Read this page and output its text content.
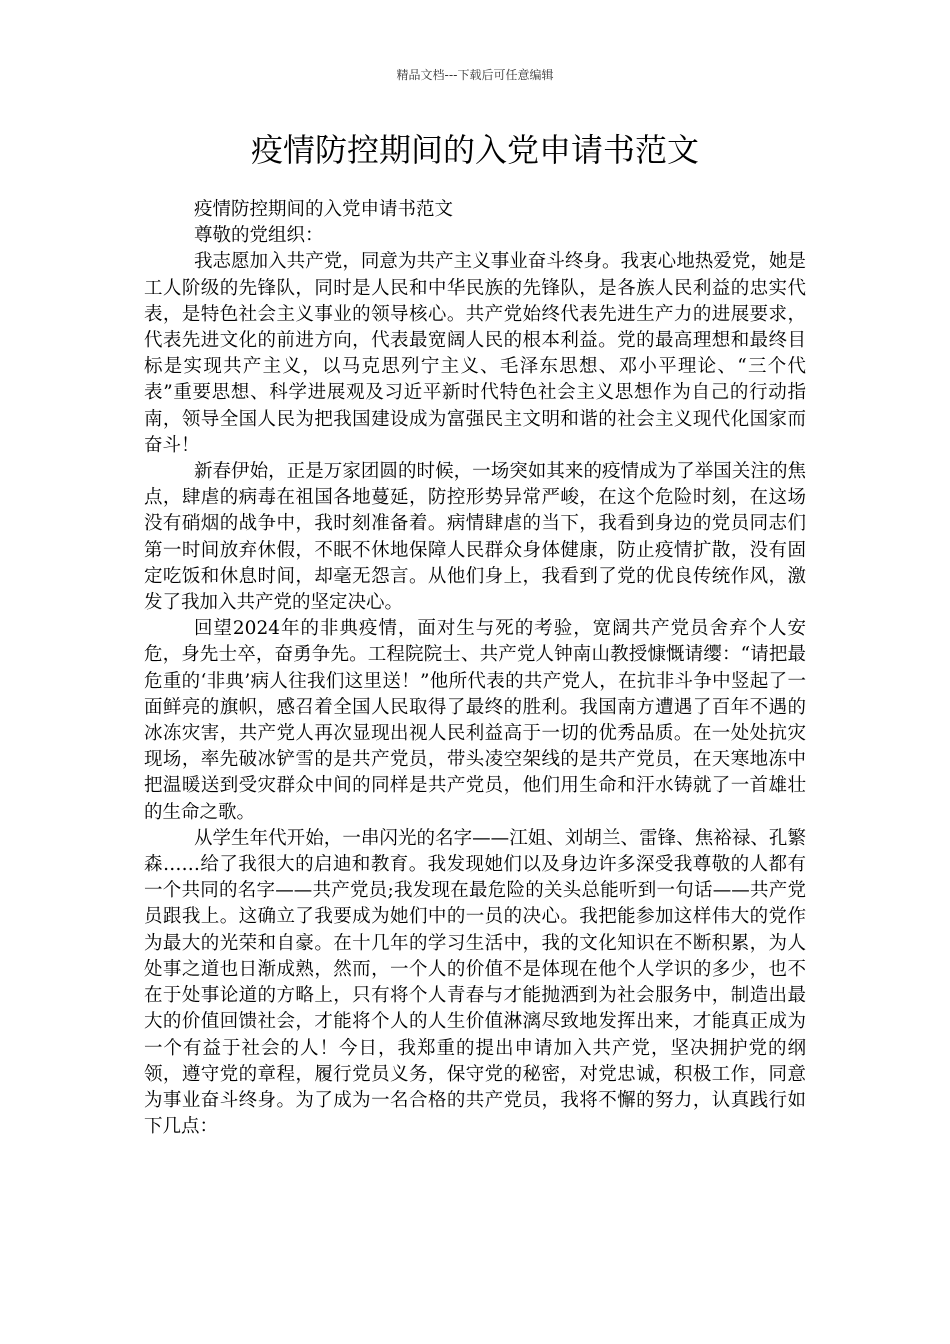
精品文档---下载后可任意编辑
疫情防控期间的入党申请书范文

疫情防控期间的入党申请书范文

尊敬的党组织：

我志愿加入共产党，同意为共产主义事业奋斗终身。我衷心地热爱党，她是工人阶级的先锋队，同时是人民和中华民族的先锋队，是各族人民利益的忠实代表，是特色社会主义事业的领导核心。共产党始终代表先进生产力的进展要求，代表先进文化的前进方向，代表最宽阔人民的根本利益。党的最高理想和最终目标是实现共产主义，以马克思列宁主义、毛泽东思想、邓小平理论、“三个代表”重要思想、科学进展观及习近平新时代特色社会主义思想作为自己的行动指南，领导全国人民为把我国建设成为富强民主文明和谐的社会主义现代化国家而奋斗！

新春伊始，正是万家团圆的时候，一场突如其来的疫情成为了举国关注的焦点，肆虐的病毒在祖国各地蔓延，防控形势异常严峻，在这个危险时刻，在这场没有硝烟的战争中，我时刻准备着。病情肆虐的当下，我看到身边的党员同志们第一时间放弃休假，不眠不休地保障人民群众身体健康，防止疫情扩散，没有固定吃饭和休息时间，却毫无怨言。从他们身上，我看到了党的优良传统作风，激发了我加入共产党的坚定决心。

回望2024年的非典疫情，面对生与死的考验，宽阔共产党员舍弃个人安危，身先士卒，奋勇争先。工程院院士、共产党人钟南山教授慷慨请缨：“请把最危重的‘非典’病人往我们这里送！”他所代表的共产党人，在抗非斗争中竖起了一面鲜亮的旗帜，感召着全国人民取得了最终的胜利。我国南方遭遇了百年不遇的冰冻灾害，共产党人再次显现出视人民利益高于一切的优秀品质。在一处处抗灾现场，率先破冰铲雪的是共产党员，带头凌空架线的是共产党员，在天寒地冻中把温暖送到受灾群众中间的同样是共产党员，他们用生命和汗水铸就了一首雄壮的生命之歌。

从学生年代开始，一串闪光的名字——江姐、刘胡兰、雷锋、焦裕禄、孔繁森……给了我很大的启迪和教育。我发现她们以及身边许多深受我尊敬的人都有一个共同的名字——共产党员;我发现在最危险的关头总能听到一句话——共产党员跟我上。这确立了我要成为她们中的一员的决心。我把能参加这样伟大的党作为最大的光荣和自豪。在十几年的学习生活中，我的文化知识在不断积累，为人处事之道也日渐成熟，然而，一个人的价值不是体现在他个人学识的多少，也不在于处事论道的方略上，只有将个人青春与才能抛洒到为社会服务中，制造出最大的价值回馈社会，才能将个人的人生价值淋漓尽致地发挥出来，才能真正成为一个有益于社会的人！今日，我郑重的提出申请加入共产党，坚决拥护党的纲领，遵守党的章程，履行党员义务，保守党的秘密，对党忠诚，积极工作，同意为事业奋斗终身。为了成为一名合格的共产党员，我将不懈的努力，认真践行如下几点：
